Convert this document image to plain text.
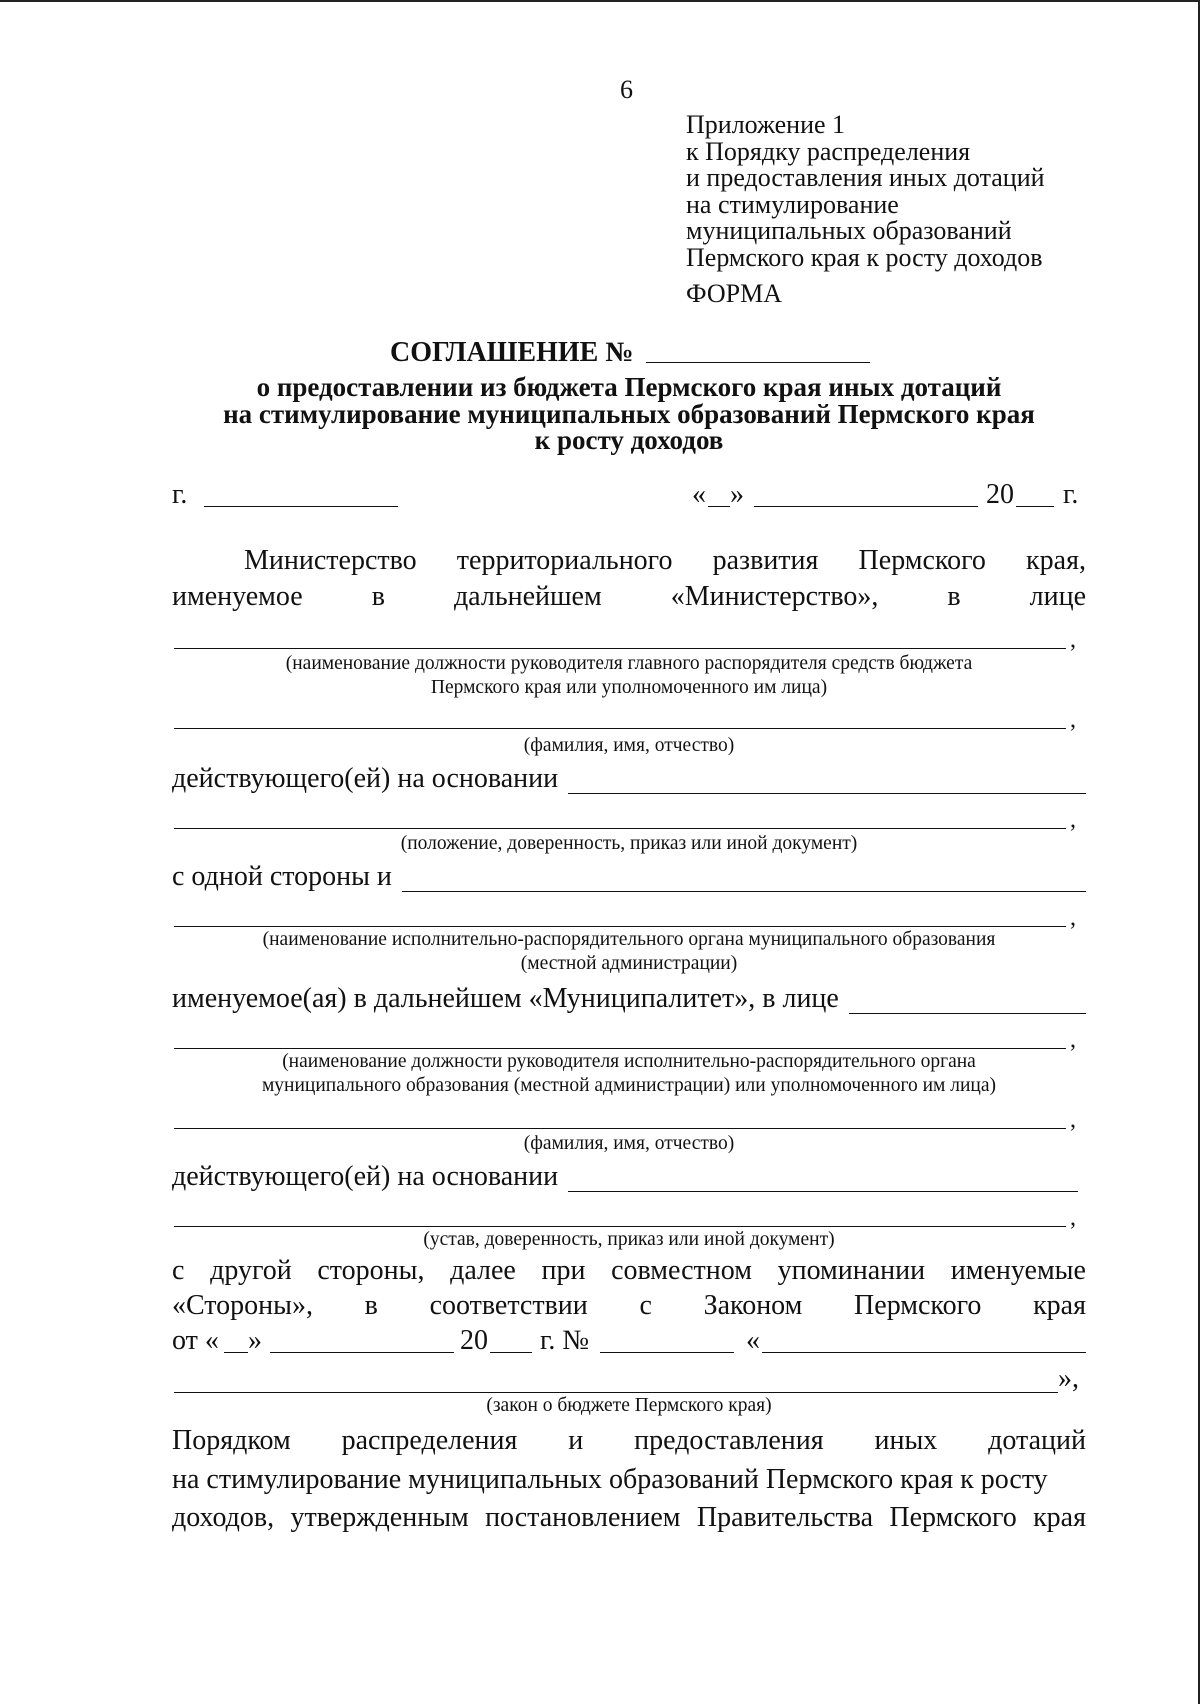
6
Приложение 1
к Порядку распределения
и предоставления иных дотаций
на стимулирование
муниципальных образований
Пермского края к росту доходов
ФОРМА
СОГЛАШЕНИЕ №
о предоставлении из бюджета Пермского края иных дотаций
на стимулирование муниципальных образований Пермского края
к росту доходов
г.	« »	20 г.
Министерство территориального развития Пермского края,
именуемое в дальнейшем «Министерство», в лице
,
(наименование должности руководителя главного распорядителя средств бюджета
Пермского края или уполномоченного им лица)
,
(фамилия, имя, отчество)
действующего(ей) на основании
,
(положение, доверенность, приказ или иной документ)
с одной стороны и
,
(наименование исполнительно-распорядительного органа муниципального образования
(местной администрации)
именуемое(ая) в дальнейшем «Муниципалитет», в лице
,
(наименование должности руководителя исполнительно-распорядительного органа
муниципального образования (местной администрации) или уполномоченного им лица)
,
(фамилия, имя, отчество)
действующего(ей) на основании
,
(устав, доверенность, приказ или иной документ)
с другой стороны, далее при совместном упоминании именуемые
«Стороны», в соответствии с Законом Пермского края
от « »	20 г. №	«
»,
(закон о бюджете Пермского края)
Порядком распределения и предоставления иных дотаций
на стимулирование муниципальных образований Пермского края к росту
доходов, утвержденным постановлением Правительства Пермского края
